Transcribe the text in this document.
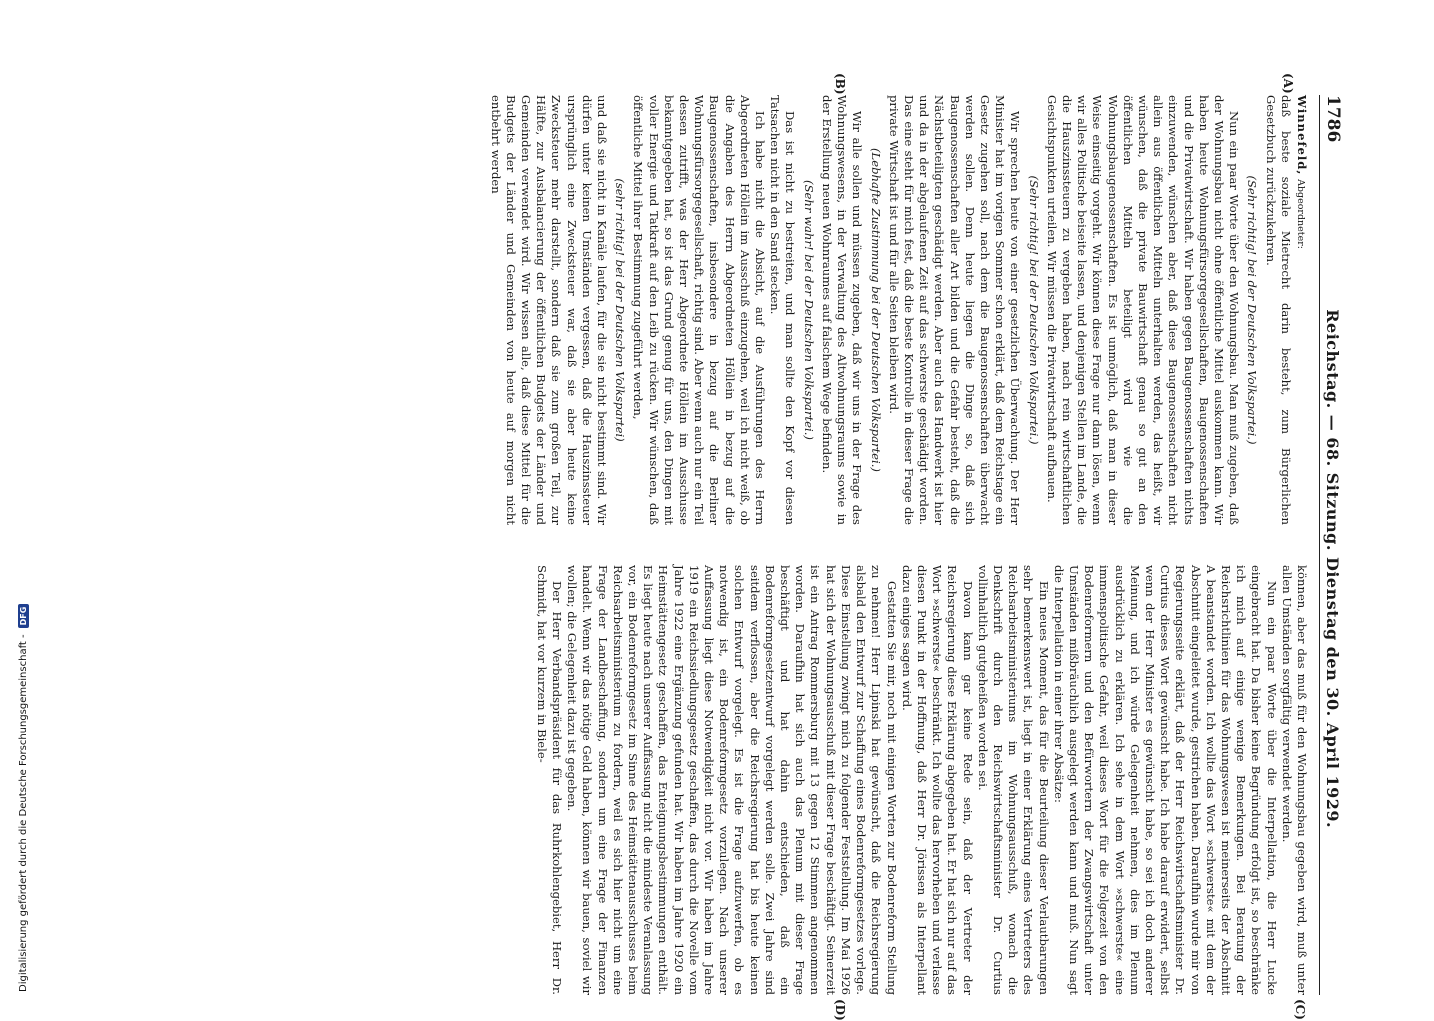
1786
Reichstag. — 68. Sitzung. Dienstag den 30. April 1929.
(A)
(B)
(C)
(D)

Winnefeld, Abgeordneter:

daß beste soziale Mietrecht darin besteht, zum Bürgerlichen Gesetzbuch zurückzukehren.

(Sehr richtig! bei der Deutschen Volkspartei.)

Nun ein paar Worte über den Wohnungsbau. Man muß zugeben, daß der Wohnungsbau nicht ohne öffentliche Mittel auskommen kann. Wir haben heute Wohnungsfürsorgegesellschaften, Baugenossenschaften und die Privatwirtschaft. Wir haben gegen Baugenossenschaften nichts einzuwenden, wünschen aber, daß diese Baugenossenschaften nicht allein aus öffentlichen Mitteln unterhalten werden, das heißt, wir wünschen, daß die private Bauwirtschaft genau so gut an den öffentlichen Mitteln beteiligt wird wie die Wohnungsbaugenossenschaften. Es ist unmöglich, daß man in dieser Weise einseitig vorgeht. Wir können diese Frage nur dann lösen, wenn wir alles Politische beiseite lassen, und denjenigen Stellen im Lande, die die Hauszinssteuern zu vergeben haben, nach rein wirtschaftlichen Gesichtspunkten urteilen. Wir müssen die Privatwirtschaft aufbauen.

(Sehr richtig! bei der Deutschen Volkspartei.)

Wir sprechen heute von einer gesetzlichen Überwachung. Der Herr Minister hat im vorigen Sommer schon erklärt, daß dem Reichstage ein Gesetz zugehen soll, nach dem die Baugenossenschaften überwacht werden sollen. Denn heute liegen die Dinge so, daß sich Baugenossenschaften aller Art bilden und die Gefahr besteht, daß die Nächstbeteiligten geschädigt werden. Aber auch das Handwerk ist hier und da in der abgelaufenen Zeit auf das schwerste geschädigt worden. Das eine steht für mich fest, daß die beste Kontrolle in dieser Frage die private Wirtschaft ist und für alle Seiten bleiben wird.

(Lebhafte Zustimmung bei der Deutschen Volkspartei.)

Wir alle sollen und müssen zugeben, daß wir uns in der Frage des Wohnungswesens, in der Verwaltung des Altwohnungsraums sowie in der Erstellung neuen Wohnraumes auf falschem Wege befinden.

(Sehr wahr! bei der Deutschen Volkspartei.)

Das ist nicht zu bestreiten, und man sollte den Kopf vor diesen Tatsachen nicht in den Sand stecken.

Ich habe nicht die Absicht, auf die Ausführungen des Herrn Abgeordneten Höllein im Ausschuß einzugehen, weil ich nicht weiß, ob die Angaben des Herrn Abgeordneten Höllein in bezug auf die Baugenossenschaften, insbesondere in bezug auf die Berliner Wohnungsfürsorgegesellschaft, richtig sind. Aber wenn auch nur ein Teil dessen zutrifft, was der Herr Abgeordnete Höllein im Ausschusse bekanntgegeben hat, so ist das Grund genug für uns, den Dingen mit voller Energie und Tatkraft auf den Leib zu rücken. Wir wünschen, daß öffentliche Mittel ihrer Bestimmung zugeführt werden,

(sehr richtig! bei der Deutschen Volkspartei)

und daß sie nicht in Kanäle laufen, für die sie nicht bestimmt sind. Wir dürfen unter keinen Umständen vergessen, daß die Hauszinssteuer ursprünglich eine Zwecksteuer war, daß sie aber heute keine Zwecksteuer mehr darstellt, sondern daß sie zum großen Teil, zur Hälfte, zur Ausbalancierung der öffentlichen Budgets der Länder und Gemeinden verwendet wird. Wir wissen alle, daß diese Mittel für die Budgets der Länder und Gemeinden von heute auf morgen nicht entbehrt werden

können, aber das muß für den Wohnungsbau gegeben wird, muß unter allen Umständen sorgfältig verwendet werden.

Nun ein paar Worte über die Interpellation, die Herr Lucke eingebracht hat. Da bisher keine Begründung erfolgt ist, so beschränke ich mich auf einige wenige Bemerkungen. Bei Beratung der Reichsrichtlinien für das Wohnungswesen ist meinerseits der Abschnitt A beanstandet worden. Ich wollte das Wort »schwerste« mit dem der Abschnitt eingeleitet wurde, gestrichen haben. Daraufhin wurde mir von Regierungsseite erklärt, daß der Herr Reichswirtschaftsminister Dr. Curtius dieses Wort gewünscht habe. Ich habe darauf erwidert, selbst wenn der Herr Minister es gewünscht habe, so sei ich doch anderer Meinung, und ich würde Gelegenheit nehmen, dies im Plenum ausdrücklich zu erklären. Ich sehe in dem Wort »schwerste« eine immenspolitische Gefahr, weil dieses Wort für die Folgezeit von den Bodenreformern und den Befürwortern der Zwangswirtschaft unter Umständen mißbräuchlich ausgelegt werden kann und muß. Nun sagt die Interpellation in einer ihrer Absätze:

Ein neues Moment, das für die Beurteilung dieser Verlautbarungen sehr bemerkenswert ist, liegt in einer Erklärung eines Vertreters des Reichsarbeitsministeriums im Wohnungsausschuß, wonach die Denkschrift durch den Reichswirtschaftsminister Dr. Curtius vollinhaltlich gutgeheißen worden sei.

Davon kann gar keine Rede sein, daß der Vertreter der Reichsregierung diese Erklärung abgegeben hat. Er hat sich nur auf das Wort »schwerste« beschränkt. Ich wollte das hervorheben und verlasse diesen Punkt in der Hoffnung, daß Herr Dr. Jörissen als Interpellant dazu einiges sagen wird.

Gestatten Sie mir, noch mit einigen Worten zur Bodenreform Stellung zu nehmen! Herr Lipinski hat gewünscht, daß die Reichsregierung alsbald den Entwurf zur Schaffung eines Bodenreformgesetzes vorlege. Diese Einstellung zwingt mich zu folgender Feststellung. Im Mai 1926 hat sich der Wohnungsausschuß mit dieser Frage beschäftigt. Seinerzeit ist ein Antrag Rommersburg mit 13 gegen 12 Stimmen angenommen worden. Daraufhin hat sich auch das Plenum mit dieser Frage beschäftigt und hat dahin entschieden, daß ein Bodenreformgesetzentwurf vorgelegt werden solle. Zwei Jahre sind seitdem verflossen, aber die Reichsregierung hat bis heute keinen solchen Entwurf vorgelegt. Es ist die Frage aufzuwerfen, ob es notwendig ist, ein Bodenreformgesetz vorzulegen. Nach unserer Auffassung liegt diese Notwendigkeit nicht vor. Wir haben im Jahre 1919 ein Reichssiedlungsgesetz geschaffen, das durch die Novelle vom Jahre 1922 eine Ergänzung gefunden hat. Wir haben im Jahre 1920 ein Heimstättengesetz geschaffen, das Enteignungsbestimmungen enthält. Es liegt heute nach unserer Auffassung nicht die mindeste Veranlassung vor, ein Bodenreformgesetz im Sinne des Heimstättenausschusses beim Reichsarbeitsministerium zu fordern, weil es sich hier nicht um eine Frage der Landbeschaffung, sondern um eine Frage der Finanzen handelt. Wenn wir das nötige Geld haben, können wir bauen, soviel wir wollen; die Gelegenheit dazu ist gegeben.

Der Herr Verbandspräsident für das Ruhrkohlengebiet, Herr Dr. Schmidt, hat vor kurzem in Biele-

Digitalisierung gefördert durch die Deutsche Forschungsgemeinschaft -
DFG
